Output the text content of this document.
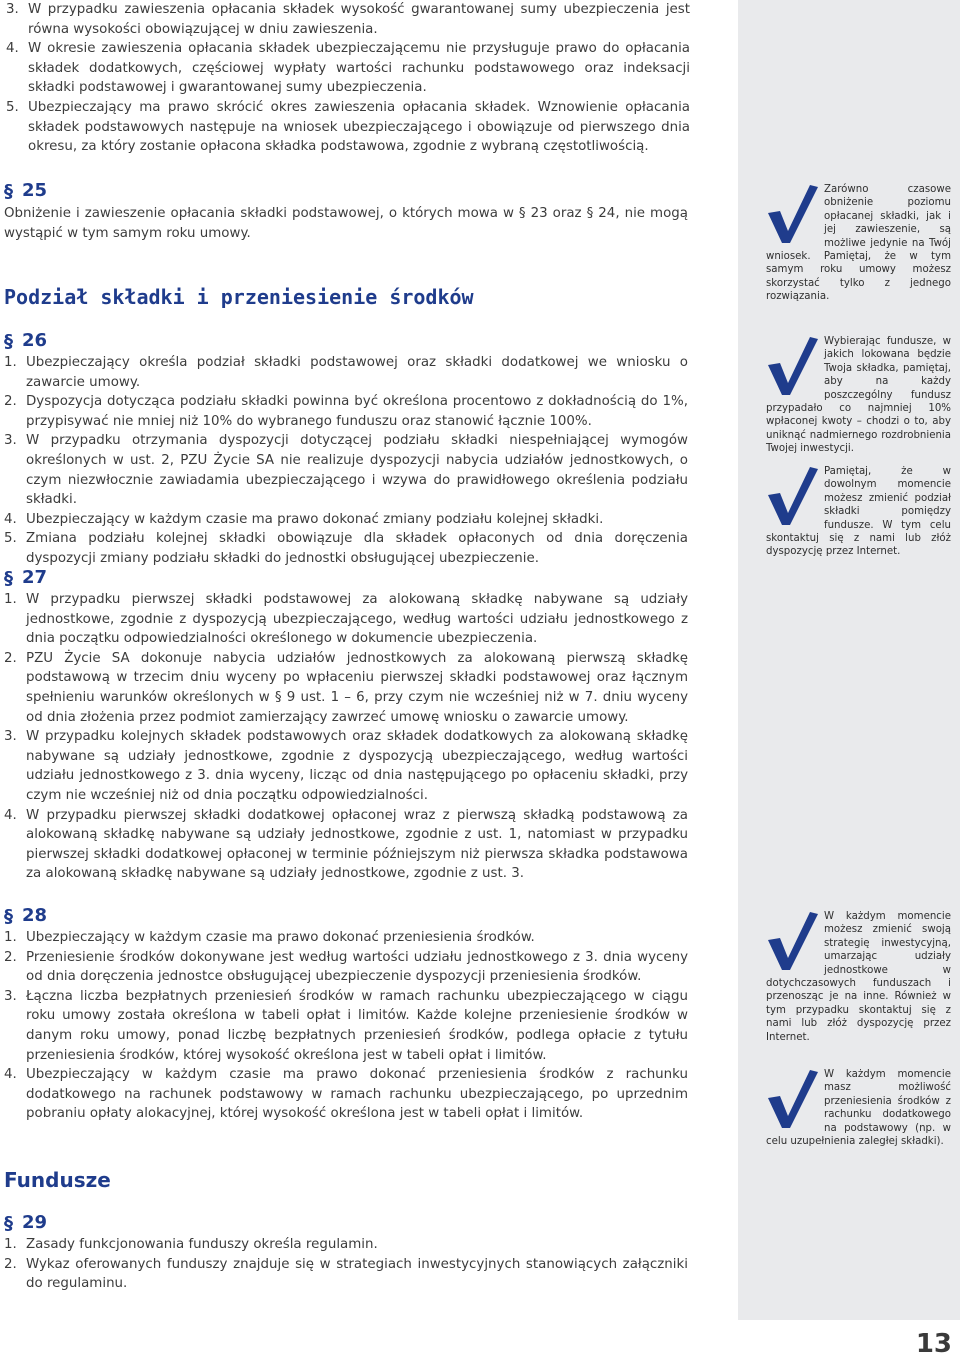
3. W przypadku zawieszenia opłacania składek wysokość gwarantowanej sumy ubezpieczenia jest równa wysokości obowiązującej w dniu zawieszenia.
4. W okresie zawieszenia opłacania składek ubezpieczającemu nie przysługuje prawo do opłacania składek dodatkowych, częściowej wypłaty wartości rachunku podstawowego oraz indeksacji składki podstawowej i gwarantowanej sumy ubezpieczenia.
5. Ubezpieczający ma prawo skrócić okres zawieszenia opłacania składek. Wznowienie opłacania składek podstawowych następuje na wniosek ubezpieczającego i obowiązuje od pierwszego dnia okresu, za który zostanie opłacona składka podstawowa, zgodnie z wybraną częstotliwością.
§ 25
Obniżenie i zawieszenie opłacania składki podstawowej, o których mowa w § 23 oraz § 24, nie mogą wystąpić w tym samym roku umowy.
Podział składki i przeniesienie środków
§ 26
1. Ubezpieczający określa podział składki podstawowej oraz składki dodatkowej we wniosku o zawarcie umowy.
2. Dyspozycja dotycząca podziału składki powinna być określona procentowo z dokładnością do 1%, przypisywać nie mniej niż 10% do wybranego funduszu oraz stanowić łącznie 100%.
3. W przypadku otrzymania dyspozycji dotyczącej podziału składki niespełniającej wymogów określonych w ust. 2, PZU Życie SA nie realizuje dyspozycji nabycia udziałów jednostkowych, o czym niezwłocznie zawiadamia ubezpieczającego i wzywa do prawidłowego określenia podziału składki.
4. Ubezpieczający w każdym czasie ma prawo dokonać zmiany podziału kolejnej składki.
5. Zmiana podziału kolejnej składki obowiązuje dla składek opłaconych od dnia doręczenia dyspozycji zmiany podziału składki do jednostki obsługującej ubezpieczenie.
§ 27
1. W przypadku pierwszej składki podstawowej za alokowaną składkę nabywane są udziały jednostkowe, zgodnie z dyspozycją ubezpieczającego, według wartości udziału jednostkowego z dnia początku odpowiedzialności określonego w dokumencie ubezpieczenia.
2. PZU Życie SA dokonuje nabycia udziałów jednostkowych za alokowaną pierwszą składkę podstawową w trzecim dniu wyceny po wpłaceniu pierwszej składki podstawowej oraz łącznym spełnieniu warunków określonych w § 9 ust. 1 – 6, przy czym nie wcześniej niż w 7. dniu wyceny od dnia złożenia przez podmiot zamierzający zawrzeć umowę wniosku o zawarcie umowy.
3. W przypadku kolejnych składek podstawowych oraz składek dodatkowych za alokowaną składkę nabywane są udziały jednostkowe, zgodnie z dyspozycją ubezpieczającego, według wartości udziału jednostkowego z 3. dnia wyceny, licząc od dnia następującego po opłaceniu składki, przy czym nie wcześniej niż od dnia początku odpowiedzialności.
4. W przypadku pierwszej składki dodatkowej opłaconej wraz z pierwszą składką podstawową za alokowaną składkę nabywane są udziały jednostkowe, zgodnie z ust. 1, natomiast w przypadku pierwszej składki dodatkowej opłaconej w terminie późniejszym niż pierwsza składka podstawowa za alokowaną składkę nabywane są udziały jednostkowe, zgodnie z ust. 3.
§ 28
1. Ubezpieczający w każdym czasie ma prawo dokonać przeniesienia środków.
2. Przeniesienie środków dokonywane jest według wartości udziału jednostkowego z 3. dnia wyceny od dnia doręczenia jednostce obsługującej ubezpieczenie dyspozycji przeniesienia środków.
3. Łączna liczba bezpłatnych przeniesień środków w ramach rachunku ubezpieczającego w ciągu roku umowy została określona w tabeli opłat i limitów. Każde kolejne przeniesienie środków w danym roku umowy, ponad liczbę bezpłatnych przeniesień środków, podlega opłacie z tytułu przeniesienia środków, której wysokość określona jest w tabeli opłat i limitów.
4. Ubezpieczający w każdym czasie ma prawo dokonać przeniesienia środków z rachunku dodatkowego na rachunek podstawowy w ramach rachunku ubezpieczającego, po uprzednim pobraniu opłaty alokacyjnej, której wysokość określona jest w tabeli opłat i limitów.
Fundusze
§ 29
1. Zasady funkcjonowania funduszy określa regulamin.
2. Wykaz oferowanych funduszy znajduje się w strategiach inwestycyjnych stanowiących załączniki do regulaminu.

Zarówno czasowe obniżenie poziomu opłacanej składki, jak i jej zawieszenie, są możliwe jedynie na Twój wniosek. Pamiętaj, że w tym samym roku umowy możesz skorzystać tylko z jednego rozwiązania.

Wybierając fundusze, w jakich lokowana będzie Twoja składka, pamiętaj, aby na każdy poszczególny fundusz przypadało co najmniej 10% wpłaconej kwoty – chodzi o to, aby uniknąć nadmiernego rozdrobnienia Twojej inwestycji.

Pamiętaj, że w dowolnym momencie możesz zmienić podział składki pomiędzy fundusze. W tym celu skontaktuj się z nami lub złóż dyspozycję przez Internet.

W każdym momencie możesz zmienić swoją strategię inwestycyjną, umarzając udziały jednostkowe w dotychczasowych funduszach i przenosząc je na inne. Również w tym przypadku skontaktuj się z nami lub złóż dyspozycję przez Internet.

W każdym momencie masz możliwość przeniesienia środków z rachunku dodatkowego na podstawowy (np. w celu uzupełnienia zaległej składki).

13
